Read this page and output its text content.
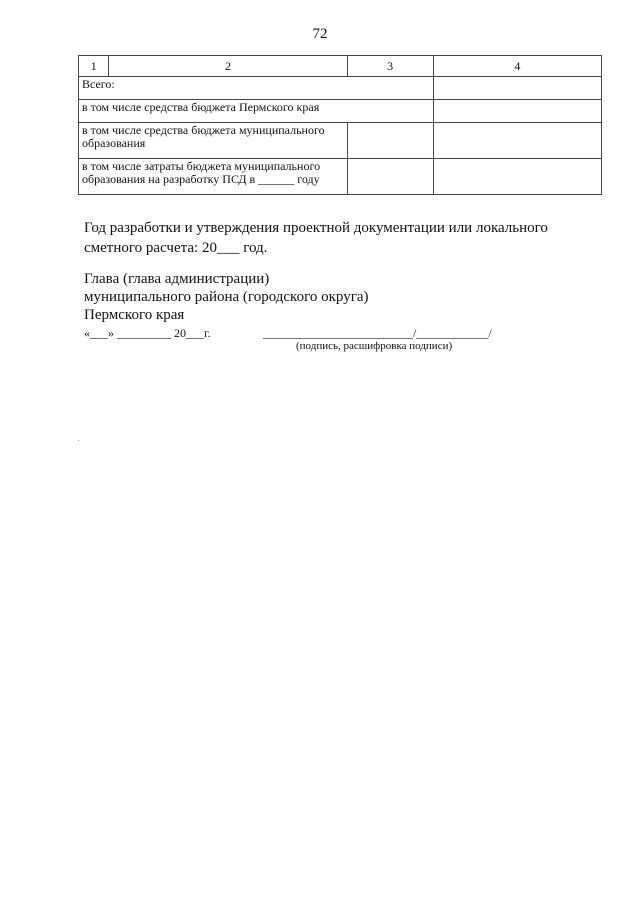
72
1	2	3	4
Всего:			
в том числе средства бюджета Пермского края			
в том числе средства бюджета муниципального образования			
в том числе затраты бюджета муниципального образования на разработку ПСД в ______ году			
Год разработки и утверждения проектной документации или локального сметного расчета: 20___ год.
Глава (глава администрации)
муниципального района (городского округа)
Пермского края
«___» _________ 20___г.	_________________________/____________/
(подпись, расшифровка подписи)
